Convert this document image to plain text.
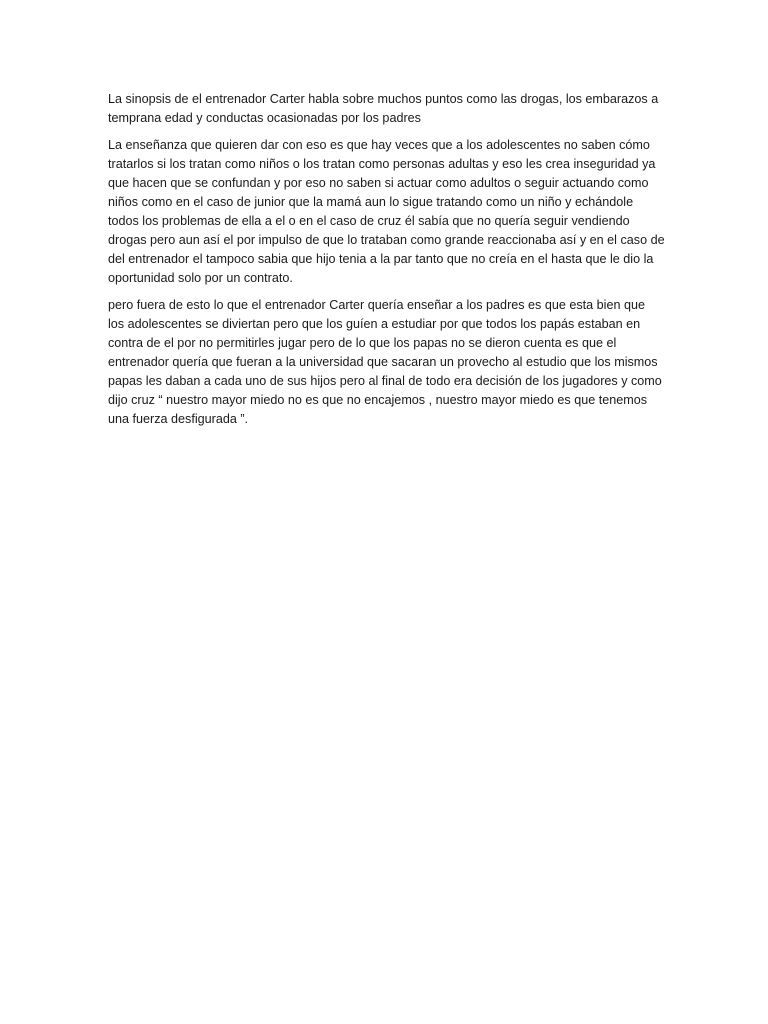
La sinopsis de el entrenador Carter habla sobre muchos puntos como las drogas, los embarazos a
temprana edad y conductas ocasionadas por los padres

La enseñanza que quieren dar con eso es que hay veces que a los adolescentes no saben cómo
tratarlos si los tratan como niños o los tratan como personas adultas y eso les crea inseguridad ya
que hacen que se confundan y por eso no saben si actuar como adultos o seguir actuando como
niños como en el caso de junior que la mamá aun lo sigue tratando como un niño y echándole
todos los problemas de ella a el o en el caso de cruz él sabía que no quería seguir vendiendo
drogas pero aun así el por impulso de que lo trataban como grande reaccionaba así y en el caso de
del entrenador el tampoco sabia que hijo tenia a la par tanto que no creía en el hasta que le dio la
oportunidad solo por un contrato.

pero fuera de esto lo que el entrenador Carter quería enseñar a los padres es que esta bien que
los adolescentes se diviertan pero que los guíen a estudiar por que todos los papás estaban en
contra de el por no permitirles jugar pero de lo que los papas no se dieron cuenta es que el
entrenador quería que fueran a la universidad que sacaran un provecho al estudio que los mismos
papas les daban a cada uno de sus hijos pero al final de todo era decisión de los jugadores y como
dijo cruz “ nuestro mayor miedo no es que no encajemos , nuestro mayor miedo es que tenemos
una fuerza desfigurada ”.
